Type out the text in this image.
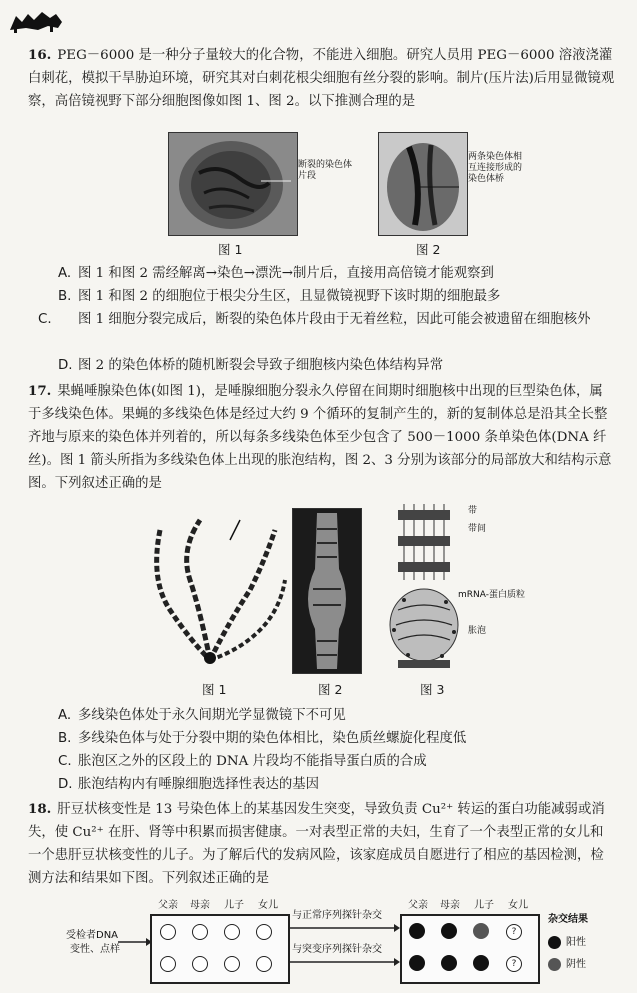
16. PEG－6000 是一种分子量较大的化合物，不能进入细胞。研究人员用 PEG－6000 溶液浇灌白刺花，模拟干旱胁迫环境，研究其对白刺花根尖细胞有丝分裂的影响。制片(压片法)后用显微镜观察，高倍镜视野下部分细胞图像如图 1、图 2。以下推测合理的是

断裂的染色体片段
图 1
两条染色体相互连接形成的染色体桥
图 2
A. 图 1 和图 2 需经解离→染色→漂洗→制片后，直接用高倍镜才能观察到
B. 图 1 和图 2 的细胞位于根尖分生区，且显微镜视野下该时期的细胞最多
C. 图 1 细胞分裂完成后，断裂的染色体片段由于无着丝粒，因此可能会被遗留在细胞核外
D. 图 2 的染色体桥的随机断裂会导致子细胞核内染色体结构异常

17. 果蝇唾腺染色体(如图 1)，是唾腺细胞分裂永久停留在间期时细胞核中出现的巨型染色体，属于多线染色体。果蝇的多线染色体是经过大约 9 个循环的复制产生的，新的复制体总是沿其全长整齐地与原来的染色体并列着的，所以每条多线染色体至少包含了 500－1000 条单染色体(DNA 纤丝)。图 1 箭头所指为多线染色体上出现的胀泡结构，图 2、3 分别为该部分的局部放大和结构示意图。下列叙述正确的是

图 1	图 2
带
带间
mRNA-蛋白质粒
胀泡
图 3
A. 多线染色体处于永久间期光学显微镜下不可见
B. 多线染色体与处于分裂中期的染色体相比，染色质丝螺旋化程度低
C. 胀泡区之外的区段上的 DNA 片段均不能指导蛋白质的合成
D. 胀泡结构内有唾腺细胞选择性表达的基因

18. 肝豆状核变性是 13 号染色体上的某基因发生突变，导致负责 Cu²⁺ 转运的蛋白功能减弱或消失，使 Cu²⁺ 在肝、肾等中积累而损害健康。一对表型正常的夫妇，生育了一个表型正常的女儿和一个患肝豆状核变性的儿子。为了解后代的发病风险，该家庭成员自愿进行了相应的基因检测，检测方法和结果如下图。下列叙述正确的是

受检者DNA
变性、点样
父亲 母亲 儿子 女儿
与正常序列探针杂交
与突变序列探针杂交
父亲 母亲 儿子 女儿
?
?
杂交结果
阳性
阴性
